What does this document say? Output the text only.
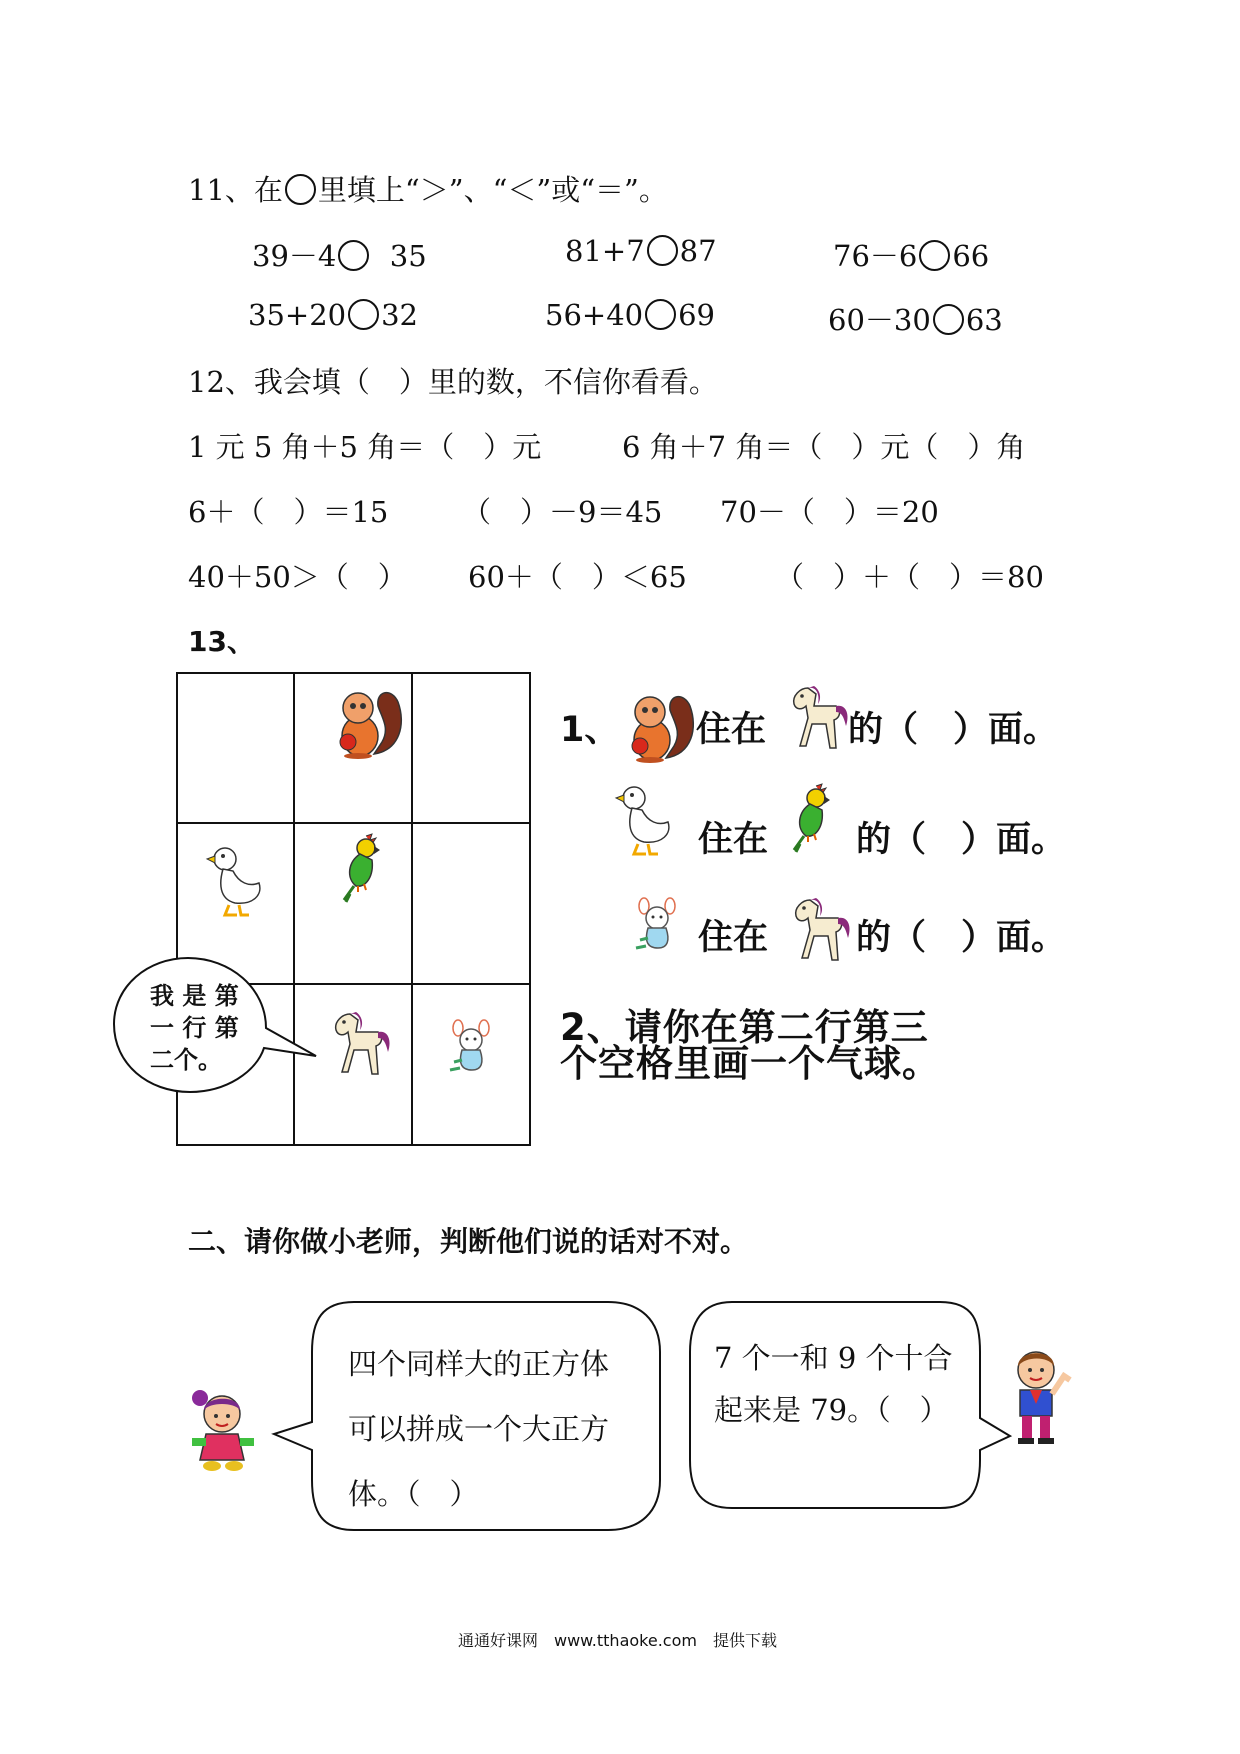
11、在 里填上“＞”、“＜”或“＝”。
39－4 35	81+7 87	76－6 66
35+20 32	56+40 69	60－30 63
12、我会填（　）里的数，不信你看看。
1 元 5 角＋5 角＝（　）元	6 角＋7 角＝（　）元（　）角
6＋（　）＝15	（　）－9＝45 70－（　）＝20
40＋50＞（　） 60＋（　）＜65	（　）＋（　）＝80
13、
我 是 第
一 行 第
二个。
1、 住在 的（　）面。
住在	的（　）面。
住在	的（　）面。
2、请你在第二行第三
个空格里画一个气球。
二、请你做小老师，判断他们说的话对不对。
四个同样大的正方体
可以拼成一个大正方
体。（　）
7 个一和 9 个十合
起来是 79。（　）
通通好课网　www.tthaoke.com　提供下载
